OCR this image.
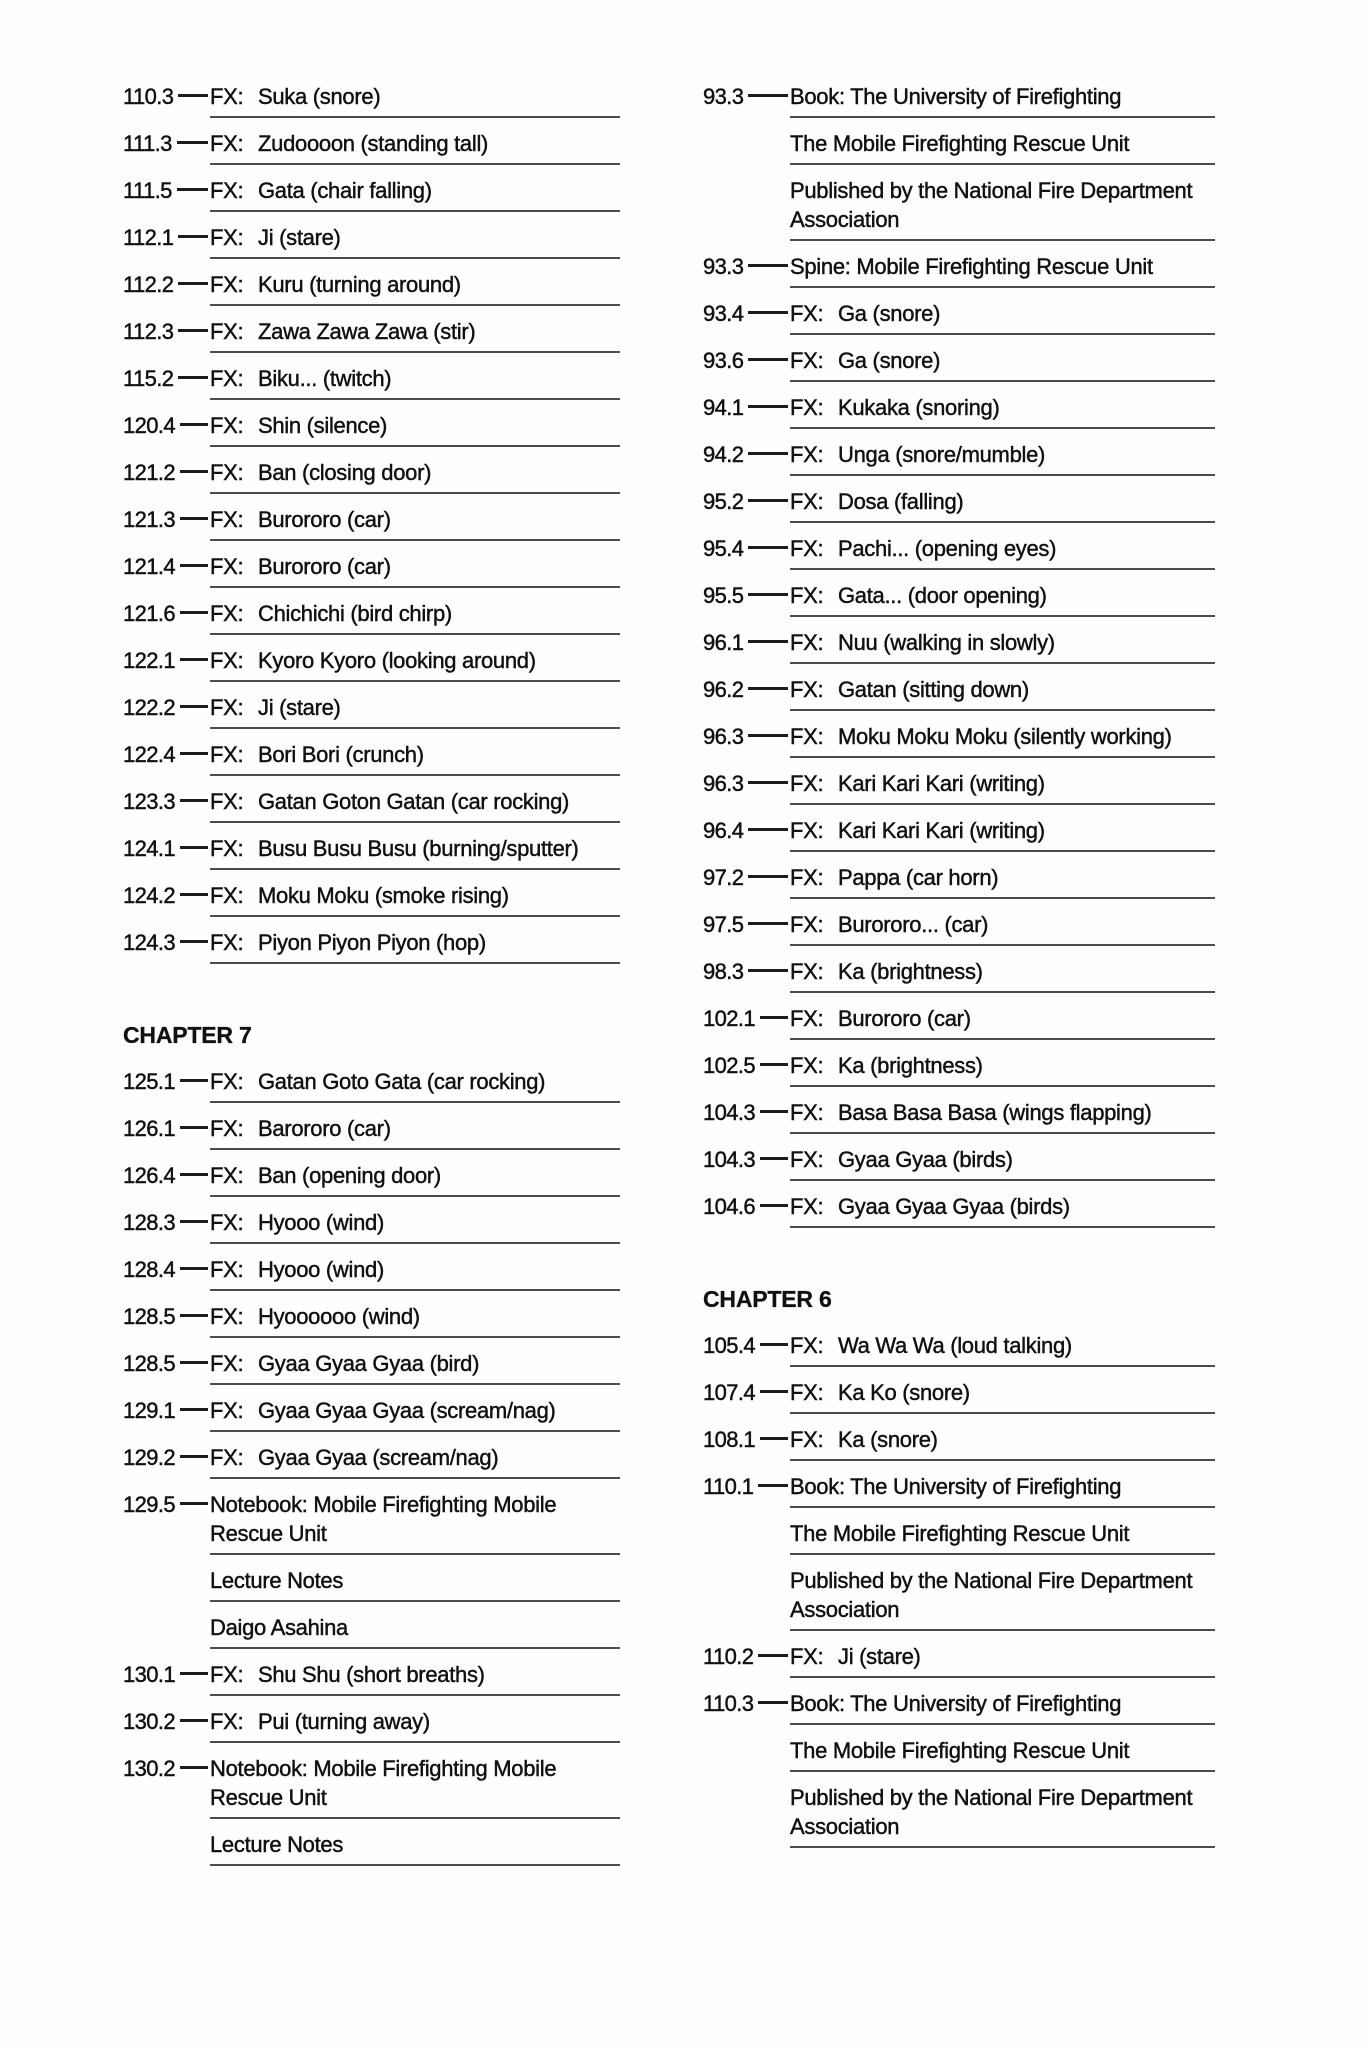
110.3 FX: Suka (snore)
111.3 FX: Zudoooon (standing tall)
111.5 FX: Gata (chair falling)
112.1 FX: Ji (stare)
112.2 FX: Kuru (turning around)
112.3 FX: Zawa Zawa Zawa (stir)
115.2 FX: Biku... (twitch)
120.4 FX: Shin (silence)
121.2 FX: Ban (closing door)
121.3 FX: Burororo (car)
121.4 FX: Burororo (car)
121.6 FX: Chichichi (bird chirp)
122.1 FX: Kyoro Kyoro (looking around)
122.2 FX: Ji (stare)
122.4 FX: Bori Bori (crunch)
123.3 FX: Gatan Goton Gatan (car rocking)
124.1 FX: Busu Busu Busu (burning/sputter)
124.2 FX: Moku Moku (smoke rising)
124.3 FX: Piyon Piyon Piyon (hop)
CHAPTER 7
125.1 FX: Gatan Goto Gata (car rocking)
126.1 FX: Barororo (car)
126.4 FX: Ban (opening door)
128.3 FX: Hyooo (wind)
128.4 FX: Hyooo (wind)
128.5 FX: Hyoooooo (wind)
128.5 FX: Gyaa Gyaa Gyaa (bird)
129.1 FX: Gyaa Gyaa Gyaa (scream/nag)
129.2 FX: Gyaa Gyaa (scream/nag)
129.5 Notebook: Mobile Firefighting Mobile
Rescue Unit
Lecture Notes
Daigo Asahina
130.1 FX: Shu Shu (short breaths)
130.2 FX: Pui (turning away)
130.2 Notebook: Mobile Firefighting Mobile
Rescue Unit
Lecture Notes
93.3 Book: The University of Firefighting
The Mobile Firefighting Rescue Unit
Published by the National Fire Department
Association
93.3 Spine: Mobile Firefighting Rescue Unit
93.4 FX: Ga (snore)
93.6 FX: Ga (snore)
94.1 FX: Kukaka (snoring)
94.2 FX: Unga (snore/mumble)
95.2 FX: Dosa (falling)
95.4 FX: Pachi... (opening eyes)
95.5 FX: Gata... (door opening)
96.1 FX: Nuu (walking in slowly)
96.2 FX: Gatan (sitting down)
96.3 FX: Moku Moku Moku (silently working)
96.3 FX: Kari Kari Kari (writing)
96.4 FX: Kari Kari Kari (writing)
97.2 FX: Pappa (car horn)
97.5 FX: Burororo... (car)
98.3 FX: Ka (brightness)
102.1 FX: Burororo (car)
102.5 FX: Ka (brightness)
104.3 FX: Basa Basa Basa (wings flapping)
104.3 FX: Gyaa Gyaa (birds)
104.6 FX: Gyaa Gyaa Gyaa (birds)
CHAPTER 6
105.4 FX: Wa Wa Wa (loud talking)
107.4 FX: Ka Ko (snore)
108.1 FX: Ka (snore)
110.1 Book: The University of Firefighting
The Mobile Firefighting Rescue Unit
Published by the National Fire Department
Association
110.2 FX: Ji (stare)
110.3 Book: The University of Firefighting
The Mobile Firefighting Rescue Unit
Published by the National Fire Department
Association
